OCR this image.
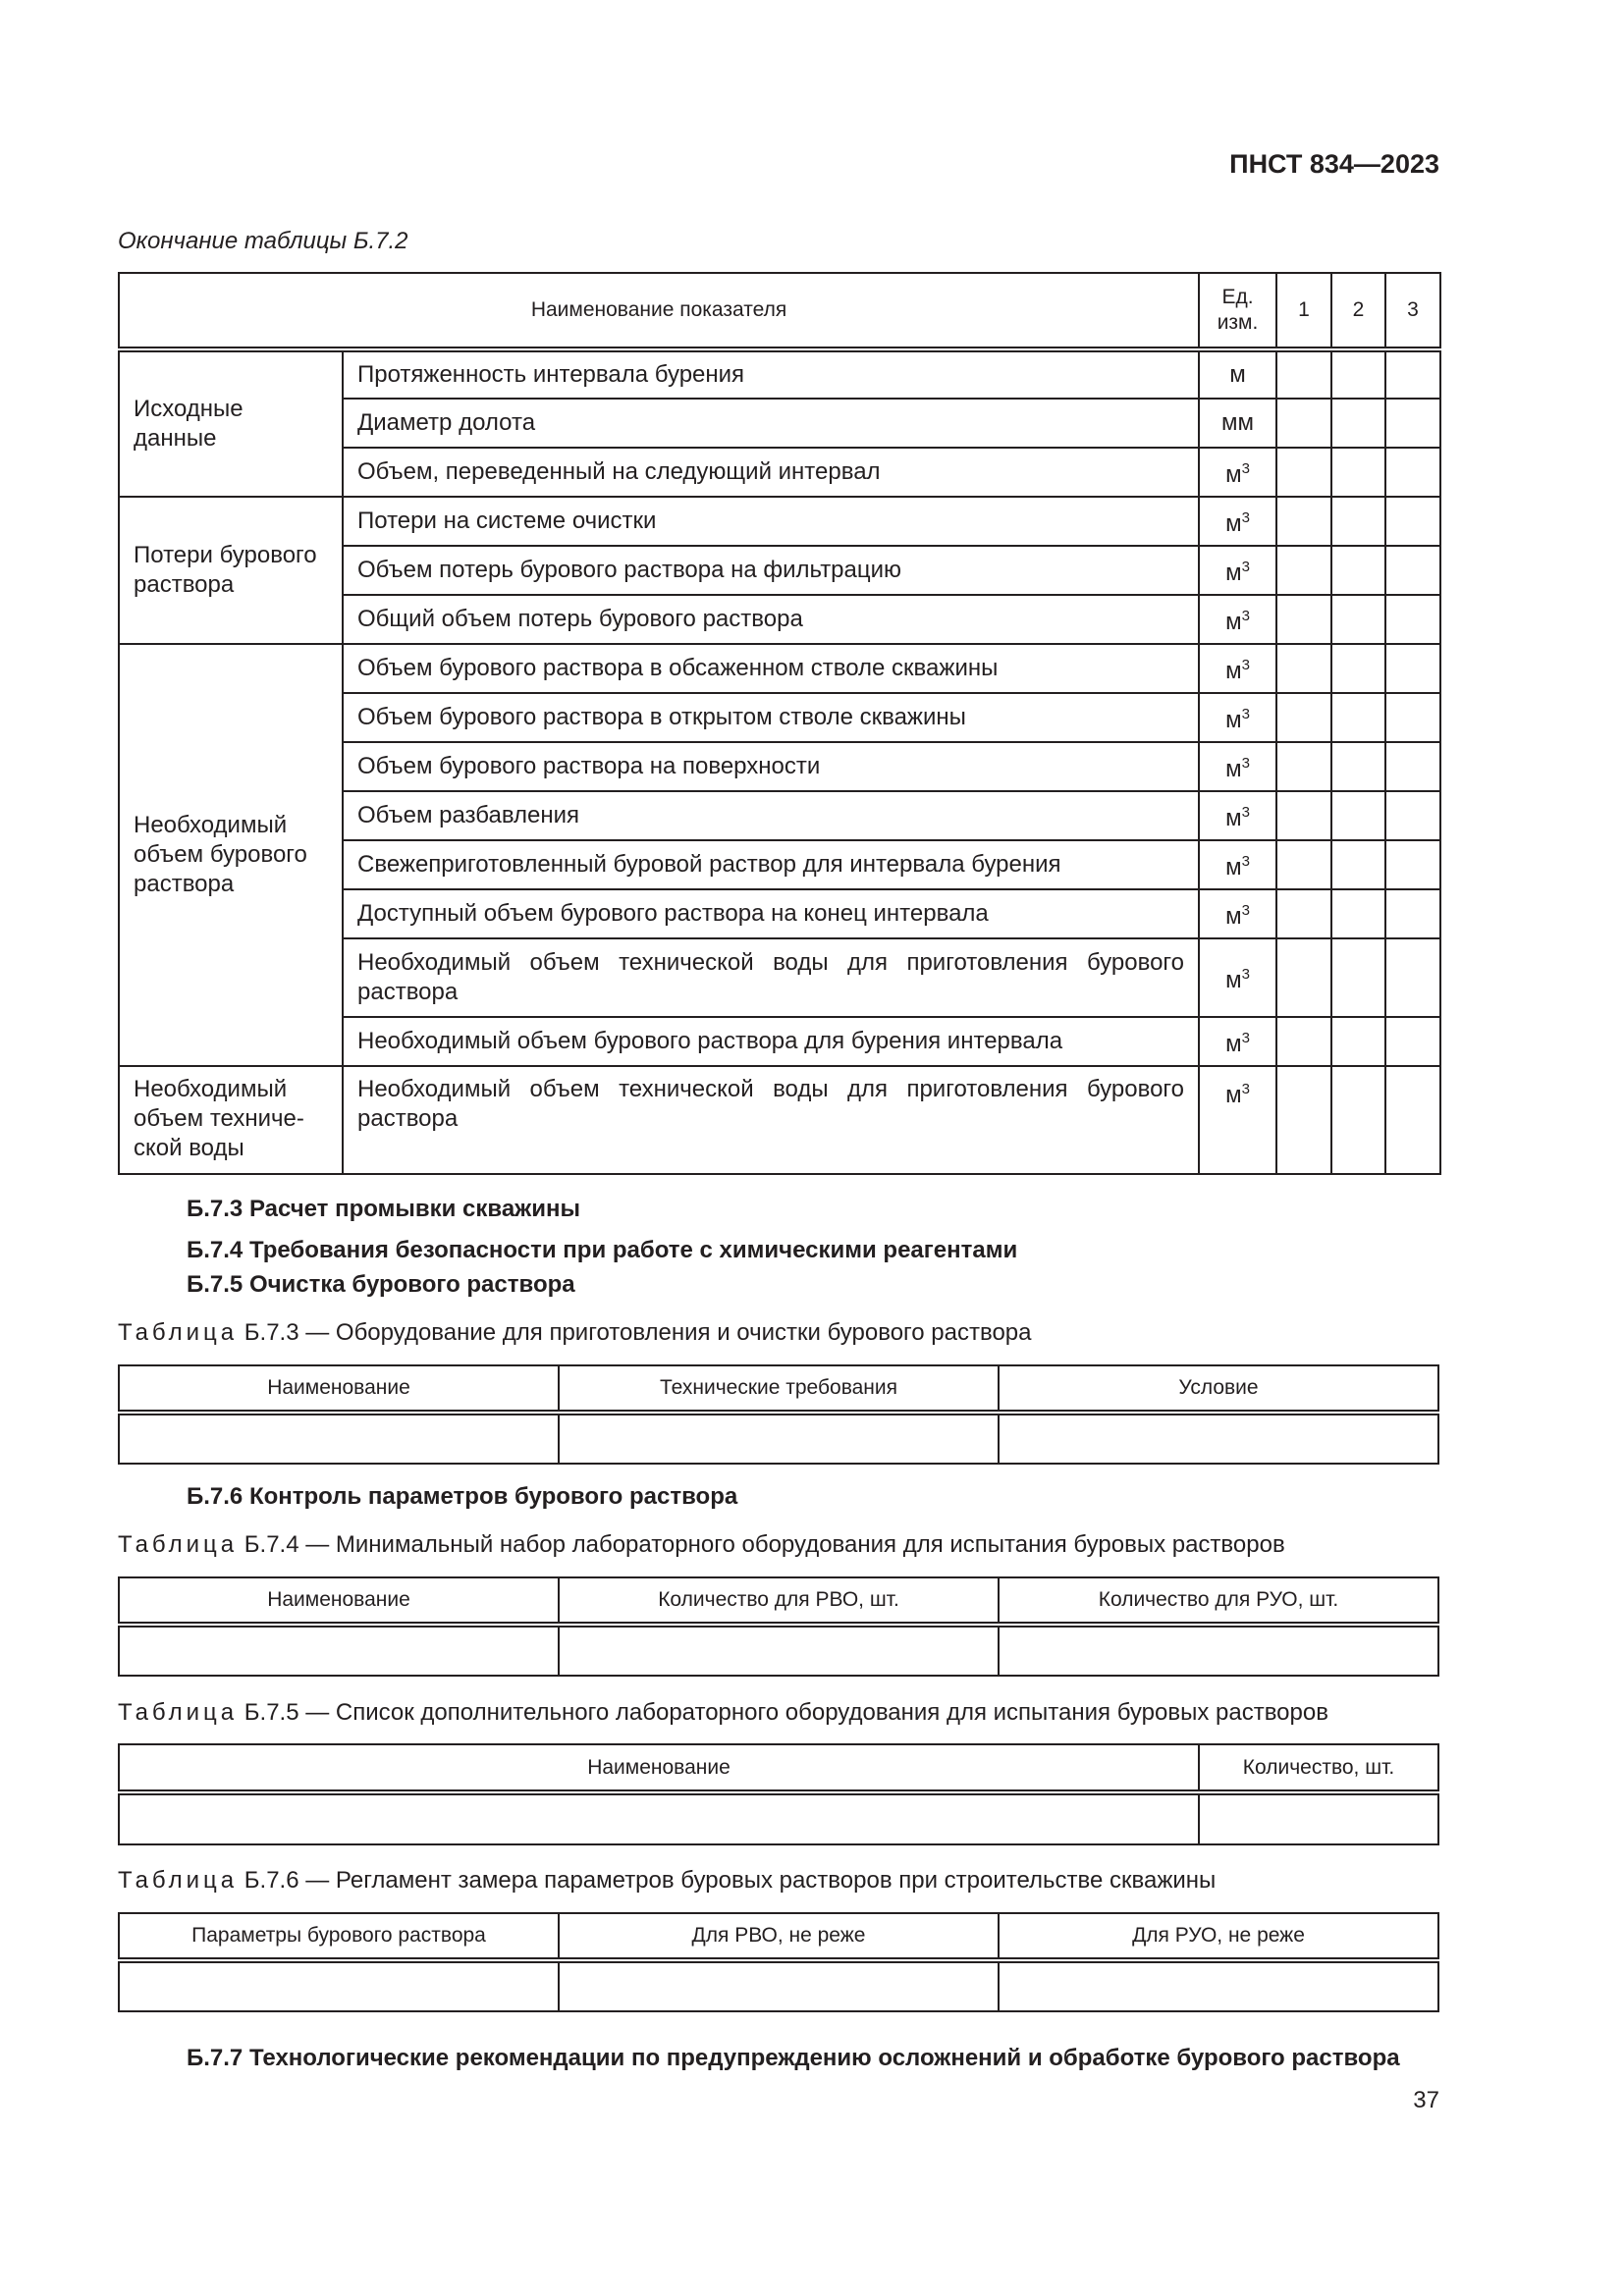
ПНСТ 834—2023
Окончание таблицы Б.7.2
Наименование показателя		Ед. изм.	1	2	3
Исходные данные	Протяженность интервала бурения	м			
	Диаметр долота	мм			
	Объем, переведенный на следующий интервал	$м^3$			
Потери бурового раствора	Потери на системе очистки	$м^3$			
	Объем потерь бурового раствора на фильтрацию	$м^3$			
	Общий объем потерь бурового раствора	$м^3$			
Необходимый объем бурового раствора	Объем бурового раствора в обсаженном стволе скважины	$м^3$			
	Объем бурового раствора в открытом стволе скважины	$м^3$			
	Объем бурового раствора на поверхности	$м^3$			
	Объем разбавления	$м^3$			
	Свежеприготовленный буровой раствор для интервала бурения	$м^3$			
	Доступный объем бурового раствора на конец интервала	$м^3$			
	Необходимый объем технической воды для приготовления бурового раствора	$м^3$			
	Необходимый объем бурового раствора для бурения интервала	$м^3$			
Необходимый объем техниче-ской воды	Необходимый объем технической воды для приготовления бурового раствора	$м^3$			
Б.7.3 Расчет промывки скважины
Б.7.4 Требования безопасности при работе с химическими реагентами
Б.7.5 Очистка бурового раствора
Таблица Б.7.3 — Оборудование для приготовления и очистки бурового раствора
Наименование	Технические требования	Условие

Б.7.6 Контроль параметров бурового раствора
Таблица Б.7.4 — Минимальный набор лабораторного оборудования для испытания буровых растворов
Наименование	Количество для РВО, шт.	Количество для РУО, шт.

Таблица Б.7.5 — Список дополнительного лабораторного оборудования для испытания буровых растворов
Наименование	Количество, шт.

Таблица Б.7.6 — Регламент замера параметров буровых растворов при строительстве скважины
Параметры бурового раствора	Для РВО, не реже	Для РУО, не реже

Б.7.7 Технологические рекомендации по предупреждению осложнений и обработке бурового раствора
37
